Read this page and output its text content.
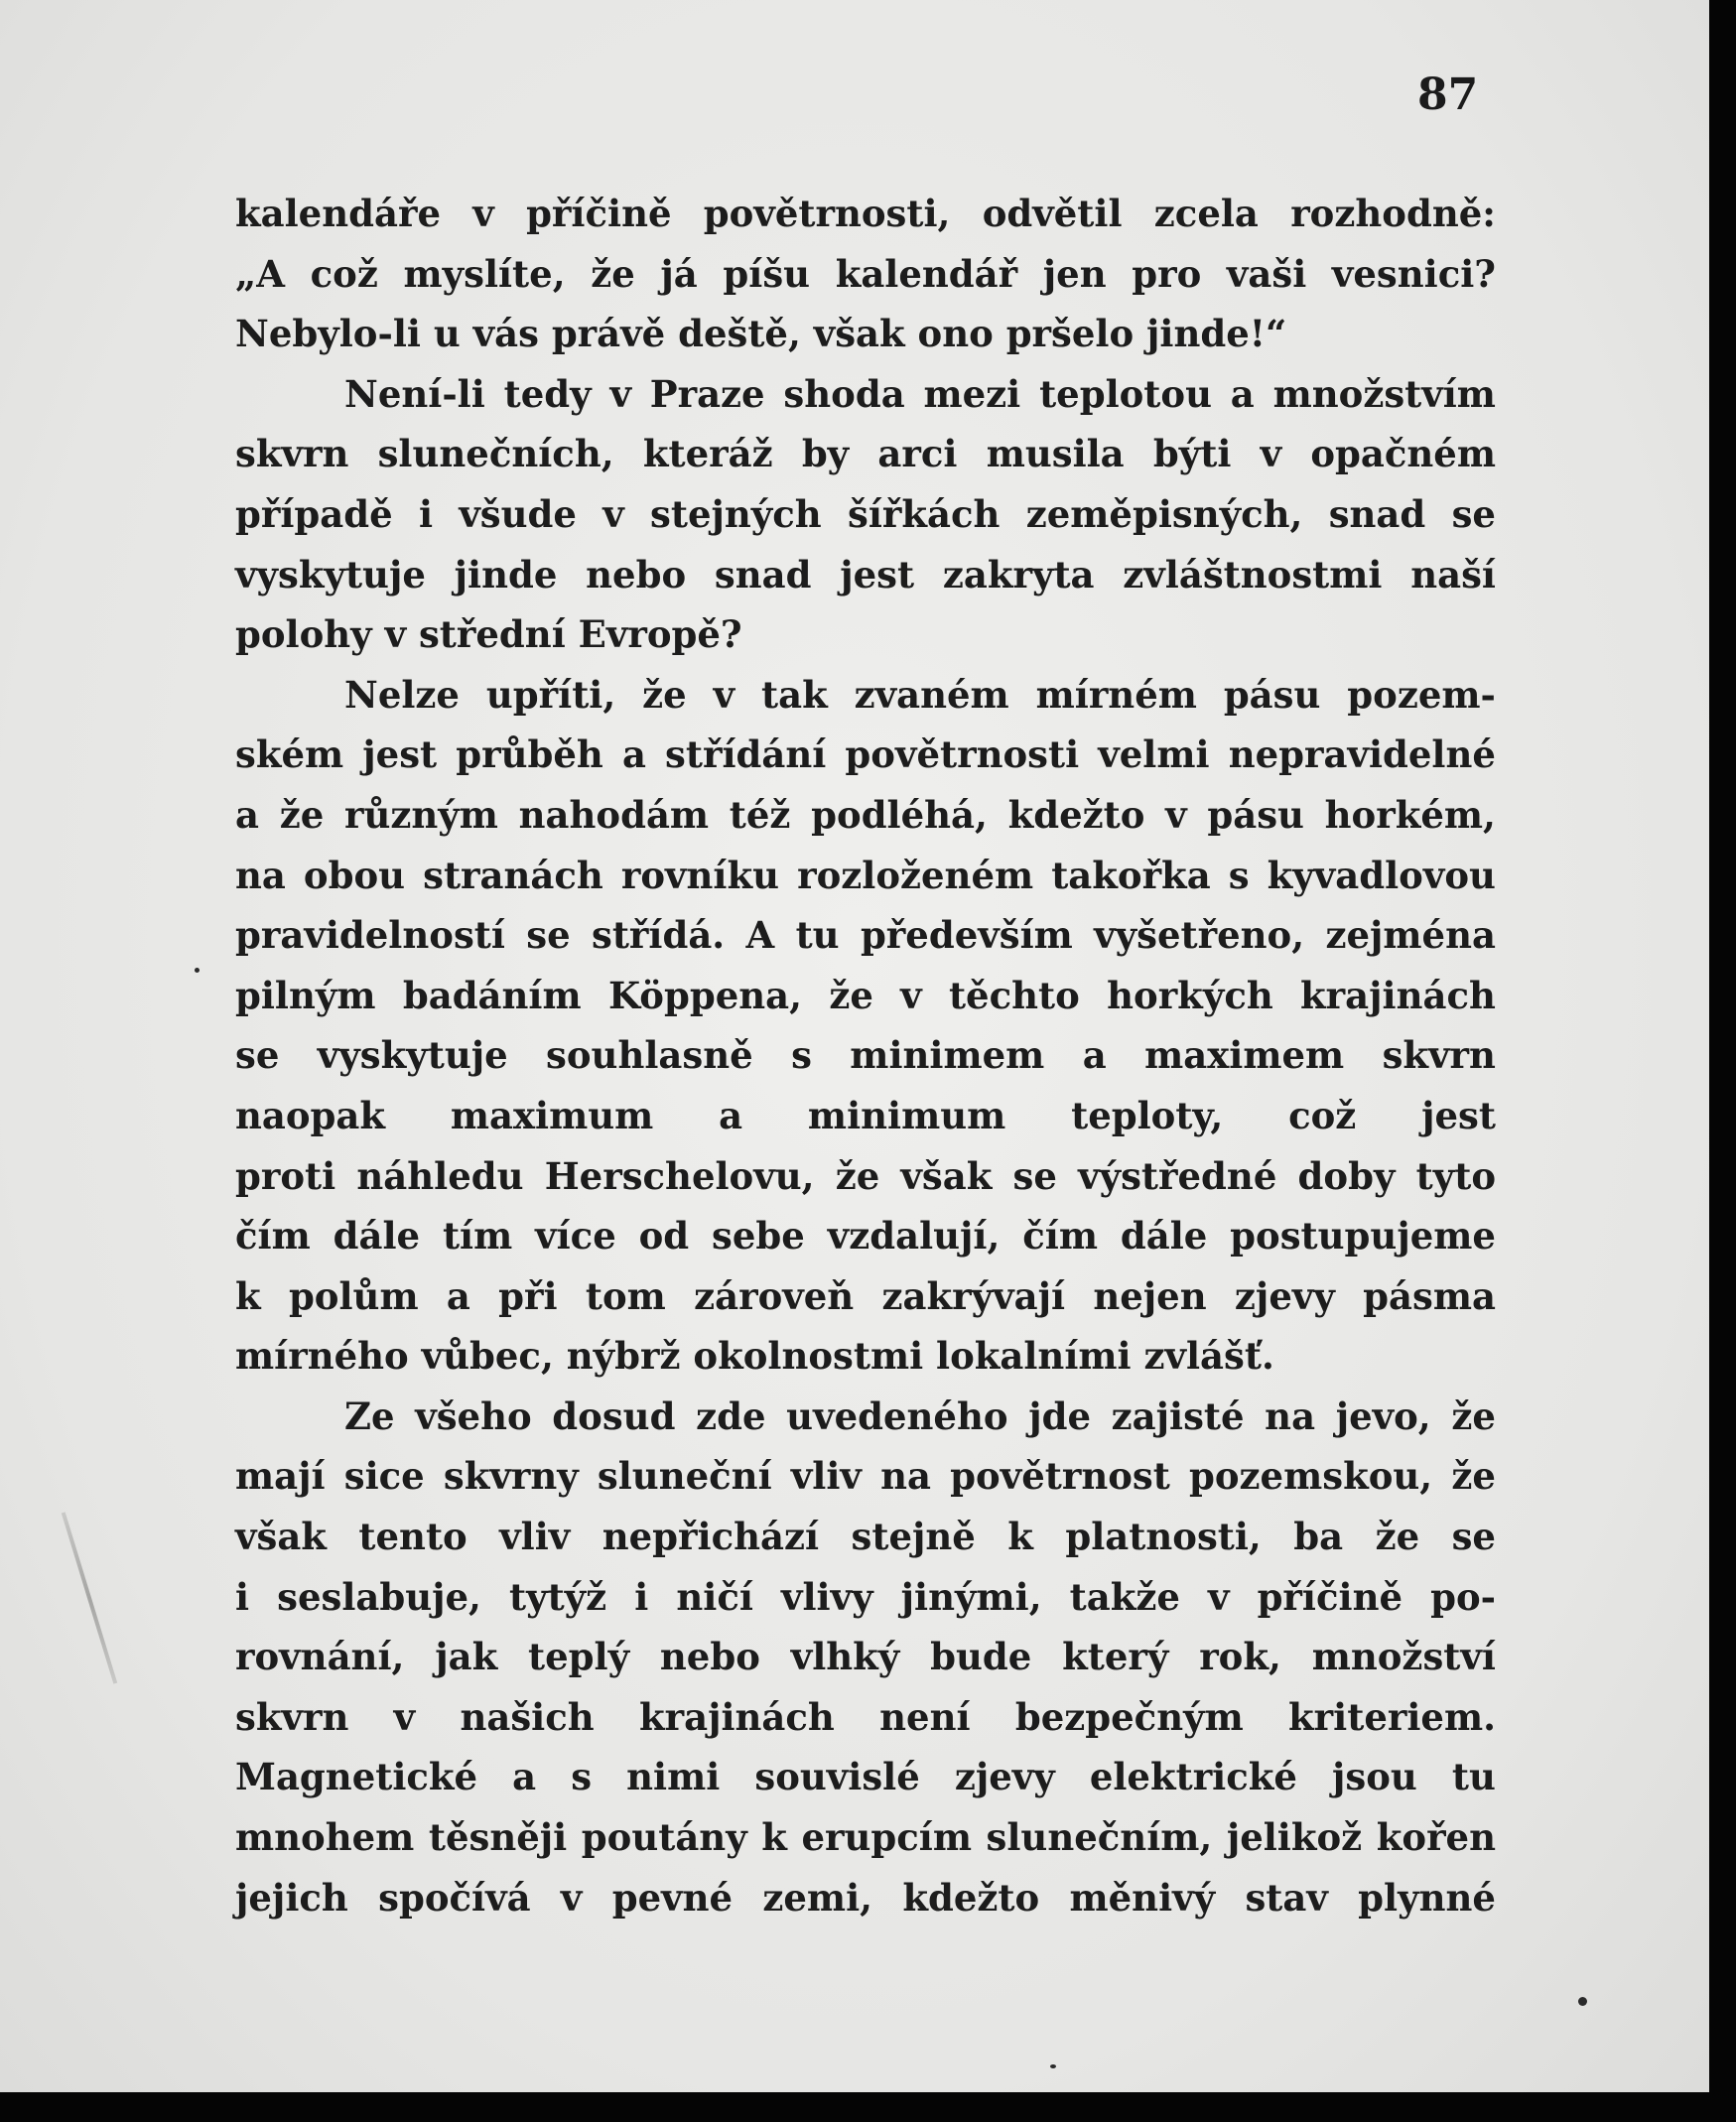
87
kalendáře v příčině povětrnosti, odvětil zcela rozhodně:
„A což myslíte, že já píšu kalendář jen pro vaši vesnici?
Nebylo-li u vás právě deště, však ono pršelo jinde!“
Není-li tedy v Praze shoda mezi teplotou a množstvím
skvrn slunečních, kteráž by arci musila býti v opačném
případě i všude v stejných šířkách zeměpisných, snad se
vyskytuje jinde nebo snad jest zakryta zvláštnostmi naší
polohy v střední Evropě?
Nelze upříti, že v tak zvaném mírném pásu pozem-
ském jest průběh a střídání povětrnosti velmi nepravidelné
a že různým nahodám též podléhá, kdežto v pásu horkém,
na obou stranách rovníku rozloženém takořka s kyvadlovou
pravidelností se střídá. A tu především vyšetřeno, zejména
pilným badáním Köppena, že v těchto horkých krajinách
se vyskytuje souhlasně s minimem a maximem skvrn
naopak maximum a minimum teploty, což jest
proti náhledu Herschelovu, že však se výstředné doby tyto
čím dále tím více od sebe vzdalují, čím dále postupujeme
k polům a při tom zároveň zakrývají nejen zjevy pásma
mírného vůbec, nýbrž okolnostmi lokalními zvlášť.
Ze všeho dosud zde uvedeného jde zajisté na jevo, že
mají sice skvrny sluneční vliv na povětrnost pozemskou, že
však tento vliv nepřichází stejně k platnosti, ba že se
i seslabuje, tytýž i ničí vlivy jinými, takže v příčině po-
rovnání, jak teplý nebo vlhký bude který rok, množství
skvrn v našich krajinách není bezpečným kriteriem.
Magnetické a s nimi souvislé zjevy elektrické jsou tu
mnohem těsněji poutány k erupcím slunečním, jelikož kořen
jejich spočívá v pevné zemi, kdežto měnivý stav plynné
